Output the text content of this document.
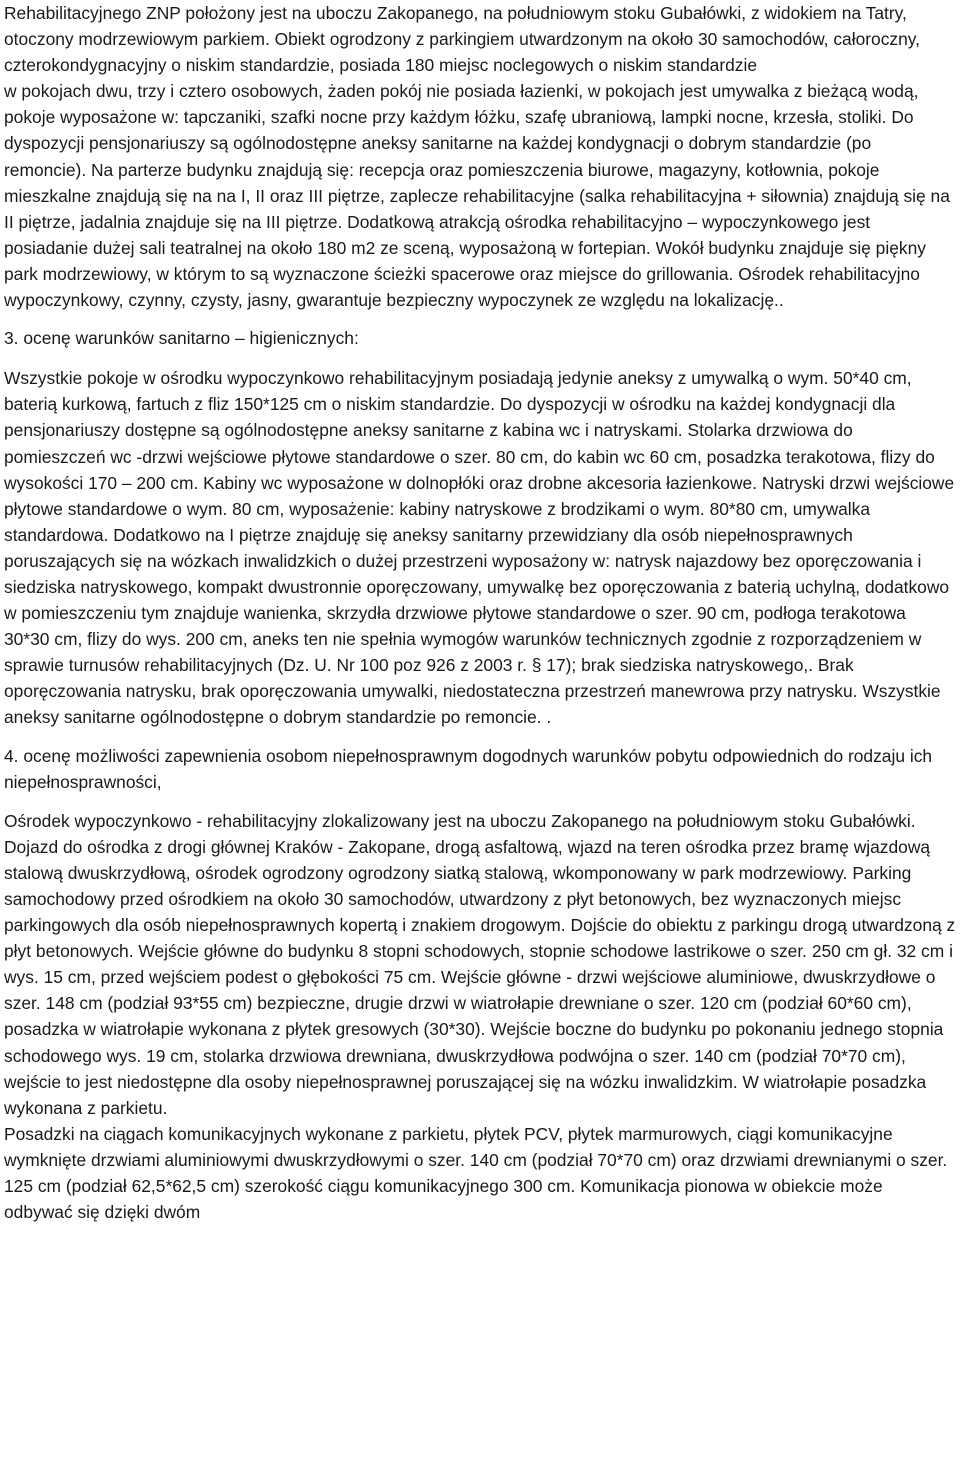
Rehabilitacyjnego ZNP położony jest na uboczu Zakopanego, na południowym stoku Gubałówki, z widokiem na Tatry, otoczony modrzewiowym parkiem. Obiekt ogrodzony z parkingiem utwardzonym na około 30 samochodów, całoroczny, czterokondygnacyjny o niskim standardzie, posiada 180 miejsc noclegowych o niskim standardzie

w pokojach dwu, trzy i cztero osobowych, żaden pokój nie posiada łazienki, w pokojach jest umywalka z bieżącą wodą, pokoje wyposażone w: tapczaniki, szafki nocne przy każdym łóżku, szafę ubraniową, lampki nocne, krzesła, stoliki. Do dyspozycji pensjonariuszy są ogólnodostępne aneksy sanitarne na każdej kondygnacji o dobrym standardzie (po remoncie). Na parterze budynku znajdują się: recepcja oraz pomieszczenia biurowe, magazyny, kotłownia, pokoje mieszkalne znajdują się na na I, II oraz III piętrze, zaplecze rehabilitacyjne (salka rehabilitacyjna + siłownia) znajdują się na II piętrze, jadalnia znajduje się na III piętrze. Dodatkową atrakcją ośrodka rehabilitacyjno – wypoczynkowego jest posiadanie dużej sali teatralnej na około 180 m2 ze sceną, wyposażoną w fortepian. Wokół budynku znajduje się piękny park modrzewiowy, w którym to są wyznaczone ścieżki spacerowe oraz miejsce do grillowania. Ośrodek rehabilitacyjno wypoczynkowy, czynny, czysty, jasny, gwarantuje bezpieczny wypoczynek ze względu na lokalizację..

3. ocenę warunków sanitarno – higienicznych:

Wszystkie pokoje w ośrodku wypoczynkowo rehabilitacyjnym posiadają jedynie aneksy z umywalką o wym. 50*40 cm, baterią kurkową, fartuch z fliz 150*125 cm o niskim standardzie. Do dyspozycji w ośrodku na każdej kondygnacji dla pensjonariuszy dostępne są ogólnodostępne aneksy sanitarne z kabina wc i natryskami. Stolarka drzwiowa do pomieszczeń wc -drzwi wejściowe płytowe standardowe o szer. 80 cm, do kabin wc 60 cm, posadzka terakotowa, flizy do wysokości 170 – 200 cm. Kabiny wc wyposażone w dolnopłóki oraz drobne akcesoria łazienkowe. Natryski drzwi wejściowe płytowe standardowe o wym. 80 cm, wyposażenie: kabiny natryskowe z brodzikami o wym. 80*80 cm, umywalka standardowa. Dodatkowo na I piętrze znajduję się aneksy sanitarny przewidziany dla osób niepełnosprawnych poruszających się na wózkach inwalidzkich o dużej przestrzeni wyposażony w: natrysk najazdowy bez oporęczowania i siedziska natryskowego, kompakt dwustronnie oporęczowany, umywalkę bez oporęczowania z baterią uchylną, dodatkowo w pomieszczeniu tym znajduje wanienka, skrzydła drzwiowe płytowe standardowe o szer. 90 cm, podłoga terakotowa 30*30 cm, flizy do wys. 200 cm, aneks ten nie spełnia wymogów warunków technicznych zgodnie z rozporządzeniem w sprawie turnusów rehabilitacyjnych (Dz. U. Nr 100 poz 926 z 2003 r. § 17); brak siedziska natryskowego,. Brak oporęczowania natrysku, brak oporęczowania umywalki, niedostateczna przestrzeń manewrowa przy natrysku. Wszystkie aneksy sanitarne ogólnodostępne o dobrym standardzie po remoncie. .

4. ocenę możliwości zapewnienia osobom niepełnosprawnym dogodnych warunków pobytu odpowiednich do rodzaju ich niepełnosprawności,

Ośrodek wypoczynkowo - rehabilitacyjny zlokalizowany jest na uboczu Zakopanego na południowym stoku Gubałówki. Dojazd do ośrodka z drogi głównej Kraków - Zakopane, drogą asfaltową, wjazd na teren ośrodka przez bramę wjazdową stalową dwuskrzydłową, ośrodek ogrodzony ogrodzony siatką stalową, wkomponowany w park modrzewiowy. Parking samochodowy przed ośrodkiem na około 30 samochodów, utwardzony z płyt betonowych, bez wyznaczonych miejsc parkingowych dla osób niepełnosprawnych kopertą i znakiem drogowym. Dojście do obiektu z parkingu drogą utwardzoną z płyt betonowych. Wejście główne do budynku 8 stopni schodowych, stopnie schodowe lastrikowe o szer. 250 cm gł. 32 cm i wys. 15 cm, przed wejściem podest o głębokości 75 cm. Wejście główne - drzwi wejściowe aluminiowe, dwuskrzydłowe o szer. 148 cm (podział 93*55 cm) bezpieczne, drugie drzwi w wiatrołapie drewniane o szer. 120 cm (podział 60*60 cm), posadzka w wiatrołapie wykonana z płytek gresowych (30*30). Wejście boczne do budynku po pokonaniu jednego stopnia schodowego wys. 19 cm, stolarka drzwiowa drewniana, dwuskrzydłowa podwójna o szer. 140 cm (podział 70*70 cm), wejście to jest niedostępne dla osoby niepełnosprawnej poruszającej się na wózku inwalidzkim. W wiatrołapie posadzka wykonana z parkietu.

Posadzki na ciągach komunikacyjnych wykonane z parkietu, płytek PCV, płytek marmurowych, ciągi komunikacyjne wymknięte drzwiami aluminiowymi dwuskrzydłowymi o szer. 140 cm (podział 70*70 cm) oraz drzwiami drewnianymi o szer. 125 cm (podział 62,5*62,5 cm) szerokość ciągu komunikacyjnego 300 cm. Komunikacja pionowa w obiekcie może odbywać się dzięki dwóm
